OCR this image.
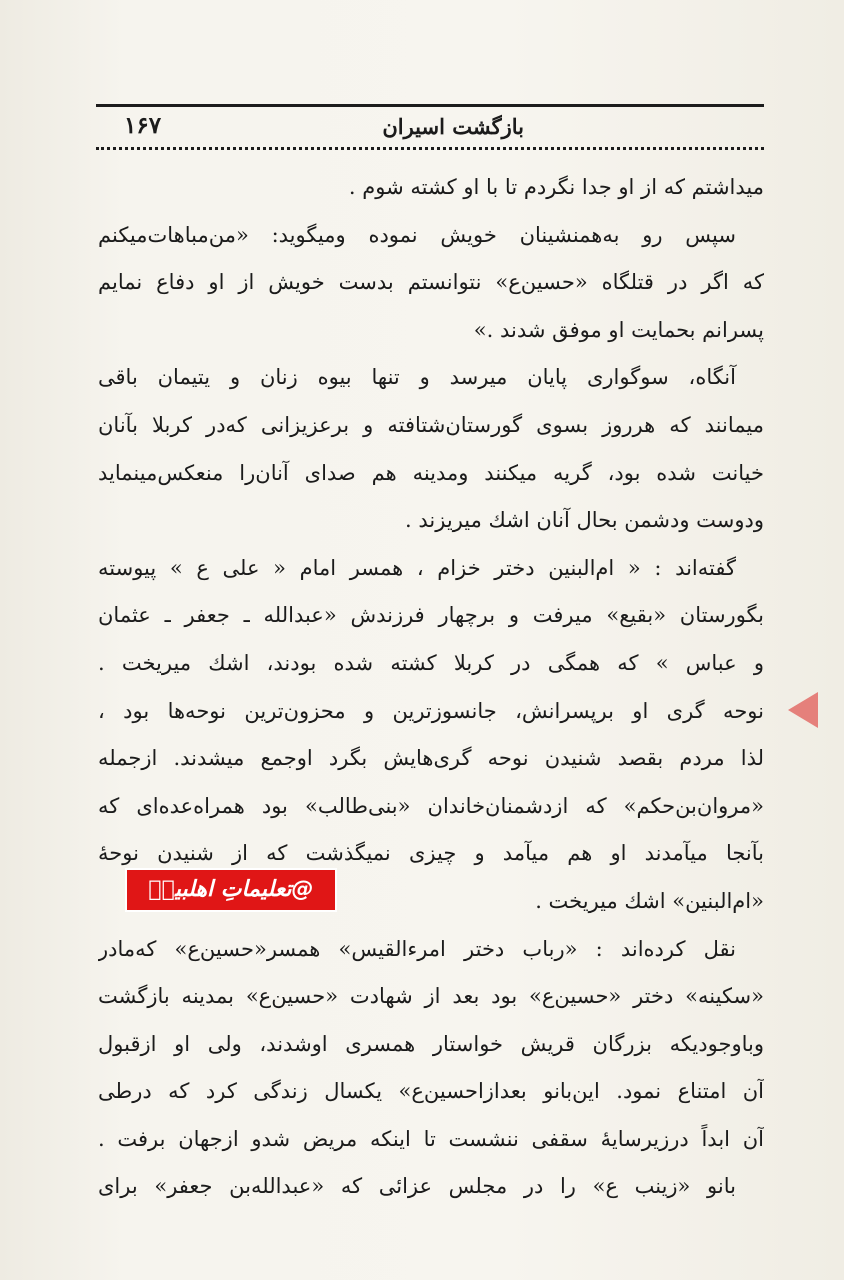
بازگشت اسیران
۱۶۷
میداشتم که از او جدا نگردم تا با او کشته شوم .
سپس رو به‌همنشینان خویش نموده ومیگوید: «من‌مباهات‌میکنم
که اگر در قتلگاه «حسین‌ع» نتوانستم بدست خویش از او دفاع نمایم
پسرانم بحمایت او موفق شدند .»
آنگاه، سوگواری پایان میرسد و تنها بیوه زنان و یتیمان باقی
میمانند که هرروز بسوی گورستان‌شتافته و برعزیزانی که‌در کربلا بآنان
خیانت شده بود، گریه میکنند ومدینه هم صدای آنان‌را منعکس‌مینماید
ودوست ودشمن بحال آنان اشك میریزند .
گفته‌اند : « ام‌البنین دختر خزام ، همسر امام « علی ع » پیوسته
بگورستان «بقیع» میرفت و برچهار فرزندش «عبدالله ـ جعفر ـ عثمان
و عباس » که همگی در کربلا کشته شده بودند، اشك میریخت .
نوحه گری او برپسرانش، جانسوزترین و محزون‌ترین نوحه‌ها بود ،
لذا مردم بقصد شنیدن نوحه گری‌هایش بگرد اوجمع میشدند. ازجمله
«مروان‌بن‌حکم» که ازدشمنان‌خاندان «بنی‌طالب» بود همراه‌عده‌ای که
بآنجا میآمدند او هم میآمد و چیزی نمیگذشت که از شنیدن نوحهٔ
«ام‌البنین» اشك میریخت .
نقل کرده‌اند : «رباب دختر امرءالقیس» همسر«حسین‌ع» که‌مادر
«سکینه» دختر «حسین‌ع» بود بعد از شهادت «حسین‌ع» بمدینه بازگشت
وباوجودیکه بزرگان قریش خواستار همسری اوشدند، ولی او ازقبول
آن امتناع نمود. این‌بانو بعدازاحسین‌ع» یکسال زندگی کرد که درطی
آن ابداً درزیرسایهٔ سقفی ننشست تا اینکه مریض شدو ازجهان برفت .
بانو «زینب ع» را در مجلس عزائی که «عبدالله‌بن جعفر» برای
@تعلیماتِ اهلبیتؑ
